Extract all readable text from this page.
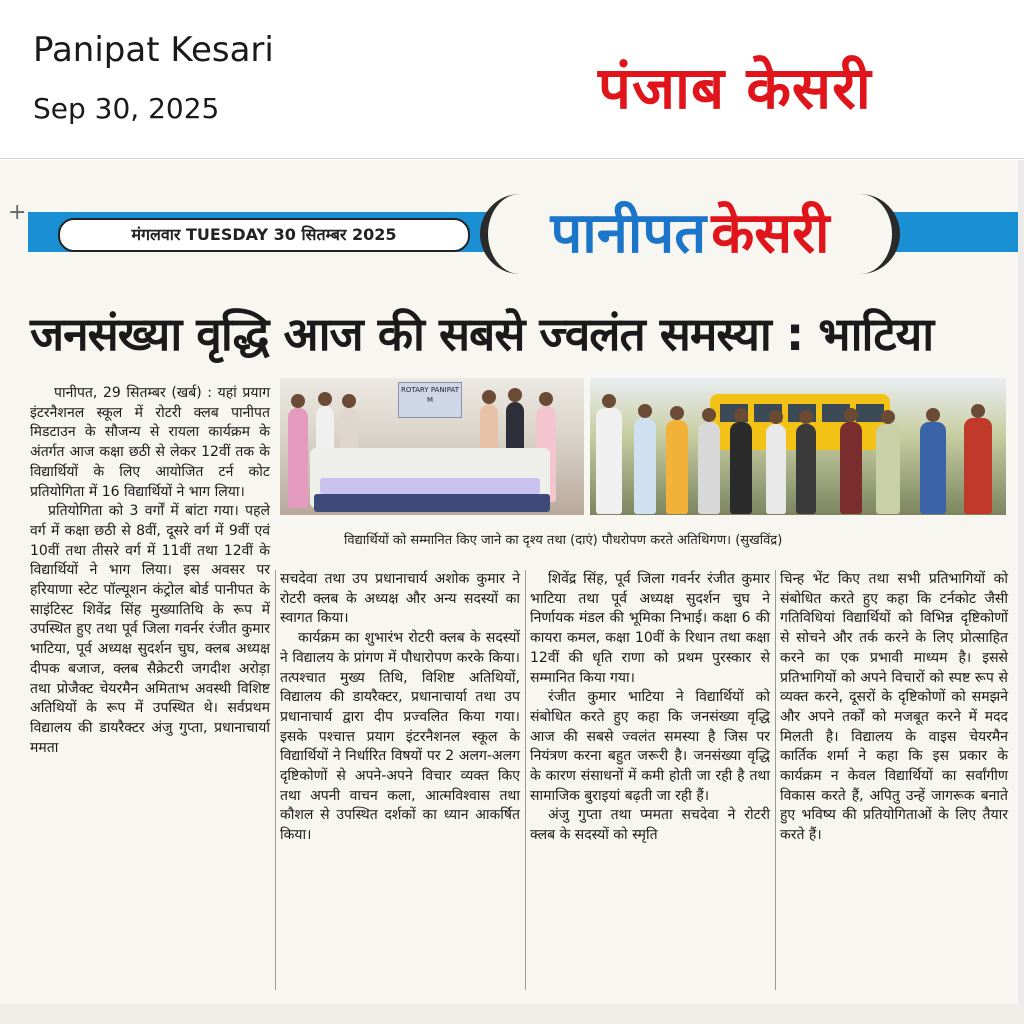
Panipat Kesari
Sep 30, 2025	पंजाब केसरी
+
मंगलवार TUESDAY 30 सितम्बर 2025	पानीपत केसरी
जनसंख्या वृद्धि आज की सबसे ज्वलंत समस्या : भाटिया
ROTARY PANIPAT M
विद्यार्थियों को सम्मानित किए जाने का दृश्य तथा (दाएं) पौधरोपण करते अतिथिगण। (सुखविंद्र)

पानीपत, 29 सितम्बर (खर्ब) : यहां प्रयाग इंटरनैशनल स्कूल में रोटरी क्लब पानीपत मिडटाउन के सौजन्य से रायला कार्यक्रम के अंतर्गत आज कक्षा छठी से लेकर 12वीं तक के विद्यार्थियों के लिए आयोजित टर्न कोट प्रतियोगिता में 16 विद्यार्थियों ने भाग लिया।

प्रतियोगिता को 3 वर्गों में बांटा गया। पहले वर्ग में कक्षा छठी से 8वीं, दूसरे वर्ग में 9वीं एवं 10वीं तथा तीसरे वर्ग में 11वीं तथा 12वीं के विद्यार्थियों ने भाग लिया। इस अवसर पर हरियाणा स्टेट पॉल्यूशन कंट्रोल बोर्ड पानीपत के साइंटिस्ट शिवेंद्र सिंह मुख्यातिथि के रूप में उपस्थित हुए तथा पूर्व जिला गवर्नर रंजीत कुमार भाटिया, पूर्व अध्यक्ष सुदर्शन चुघ, क्लब अध्यक्ष दीपक बजाज, क्लब सैक्रेटरी जगदीश अरोड़ा तथा प्रोजैक्ट चेयरमैन अमिताभ अवस्थी विशिष्ट अतिथियों के रूप में उपस्थित थे। सर्वप्रथम विद्यालय की डायरैक्टर अंजु गुप्ता, प्रधानाचार्या ममता

सचदेवा तथा उप प्रधानाचार्य अशोक कुमार ने रोटरी क्लब के अध्यक्ष और अन्य सदस्यों का स्वागत किया।

कार्यक्रम का शुभारंभ रोटरी क्लब के सदस्यों ने विद्यालय के प्रांगण में पौधारोपण करके किया। तत्पश्चात मुख्य तिथि, विशिष्ट अतिथियों, विद्यालय की डायरैक्टर, प्रधानाचार्या तथा उप प्रधानाचार्य द्वारा दीप प्रज्वलित किया गया। इसके पश्चात्त प्रयाग इंटरनैशनल स्कूल के विद्यार्थियों ने निर्धारित विषयों पर 2 अलग-अलग दृष्टिकोणों से अपने-अपने विचार व्यक्त किए तथा अपनी वाचन कला, आत्मविश्वास तथा कौशल से उपस्थित दर्शकों का ध्यान आकर्षित किया।

शिवेंद्र सिंह, पूर्व जिला गवर्नर रंजीत कुमार भाटिया तथा पूर्व अध्यक्ष सुदर्शन चुघ ने निर्णायक मंडल की भूमिका निभाई। कक्षा 6 की कायरा कमल, कक्षा 10वीं के रिधान तथा कक्षा 12वीं की धृति राणा को प्रथम पुरस्कार से सम्मानित किया गया।

रंजीत कुमार भाटिया ने विद्यार्थियों को संबोधित करते हुए कहा कि जनसंख्या वृद्धि आज की सबसे ज्वलंत समस्या है जिस पर नियंत्रण करना बहुत जरूरी है। जनसंख्या वृद्धि के कारण संसाधनों में कमी होती जा रही है तथा सामाजिक बुराइयां बढ़ती जा रही हैं।

अंजु गुप्ता तथा प्ममता सचदेवा ने रोटरी क्लब के सदस्यों को स्मृति

चिन्ह भेंट किए तथा सभी प्रतिभागियों को संबोधित करते हुए कहा कि टर्नकोट जैसी गतिविधियां विद्यार्थियों को विभिन्न दृष्टिकोणों से सोचने और तर्क करने के लिए प्रोत्साहित करने का एक प्रभावी माध्यम है। इससे प्रतिभागियों को अपने विचारों को स्पष्ट रूप से व्यक्त करने, दूसरों के दृष्टिकोणों को समझने और अपने तर्कों को मजबूत करने में मदद मिलती है। विद्यालय के वाइस चेयरमैन कार्तिक शर्मा ने कहा कि इस प्रकार के कार्यक्रम न केवल विद्यार्थियों का सर्वांगीण विकास करते हैं, अपितु उन्हें जागरूक बनाते हुए भविष्य की प्रतियोगिताओं के लिए तैयार करते हैं।
